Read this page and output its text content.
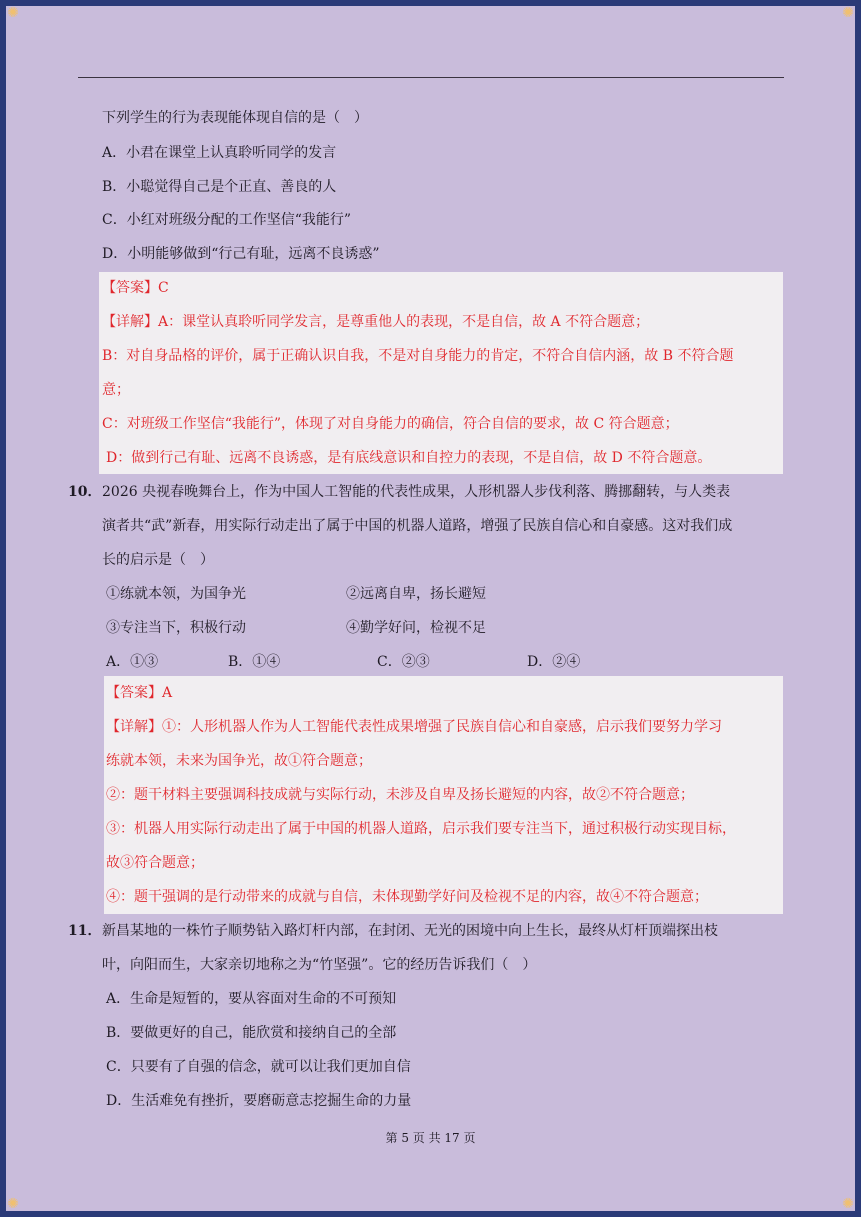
✺	✺
✺	✺
下列学生的行为表现能体现自信的是（　）
A．小君在课堂上认真聆听同学的发言
B．小聪觉得自己是个正直、善良的人
C．小红对班级分配的工作坚信“我能行”
D．小明能够做到“行己有耻，远离不良诱惑”
【答案】C
【详解】A：课堂认真聆听同学发言，是尊重他人的表现，不是自信，故 A 不符合题意；
B：对自身品格的评价，属于正确认识自我，不是对自身能力的肯定，不符合自信内涵，故 B 不符合题
意；
C：对班级工作坚信“我能行”，体现了对自身能力的确信，符合自信的要求，故 C 符合题意；
D：做到行己有耻、远离不良诱惑，是有底线意识和自控力的表现，不是自信，故 D 不符合题意。
10． 2026 央视春晚舞台上，作为中国人工智能的代表性成果，人形机器人步伐利落、腾挪翻转，与人类表
演者共“武”新春，用实际行动走出了属于中国的机器人道路，增强了民族自信心和自豪感。这对我们成
长的启示是（　）
①练就本领，为国争光	②远离自卑，扬长避短
③专注当下，积极行动	④勤学好问，检视不足
A．①③	B．①④	C．②③	D．②④
【答案】A
【详解】①：人形机器人作为人工智能代表性成果增强了民族自信心和自豪感，启示我们要努力学习
练就本领，未来为国争光，故①符合题意；
②：题干材料主要强调科技成就与实际行动，未涉及自卑及扬长避短的内容，故②不符合题意；
③：机器人用实际行动走出了属于中国的机器人道路，启示我们要专注当下，通过积极行动实现目标，
故③符合题意；
④：题干强调的是行动带来的成就与自信，未体现勤学好问及检视不足的内容，故④不符合题意；
11． 新昌某地的一株竹子顺势钻入路灯杆内部，在封闭、无光的困境中向上生长，最终从灯杆顶端探出枝
叶，向阳而生，大家亲切地称之为“竹坚强”。它的经历告诉我们（　）
A．生命是短暂的，要从容面对生命的不可预知
B．要做更好的自己，能欣赏和接纳自己的全部
C．只要有了自强的信念，就可以让我们更加自信
D．生活难免有挫折，要磨砺意志挖掘生命的力量
第 5 页 共 17 页
